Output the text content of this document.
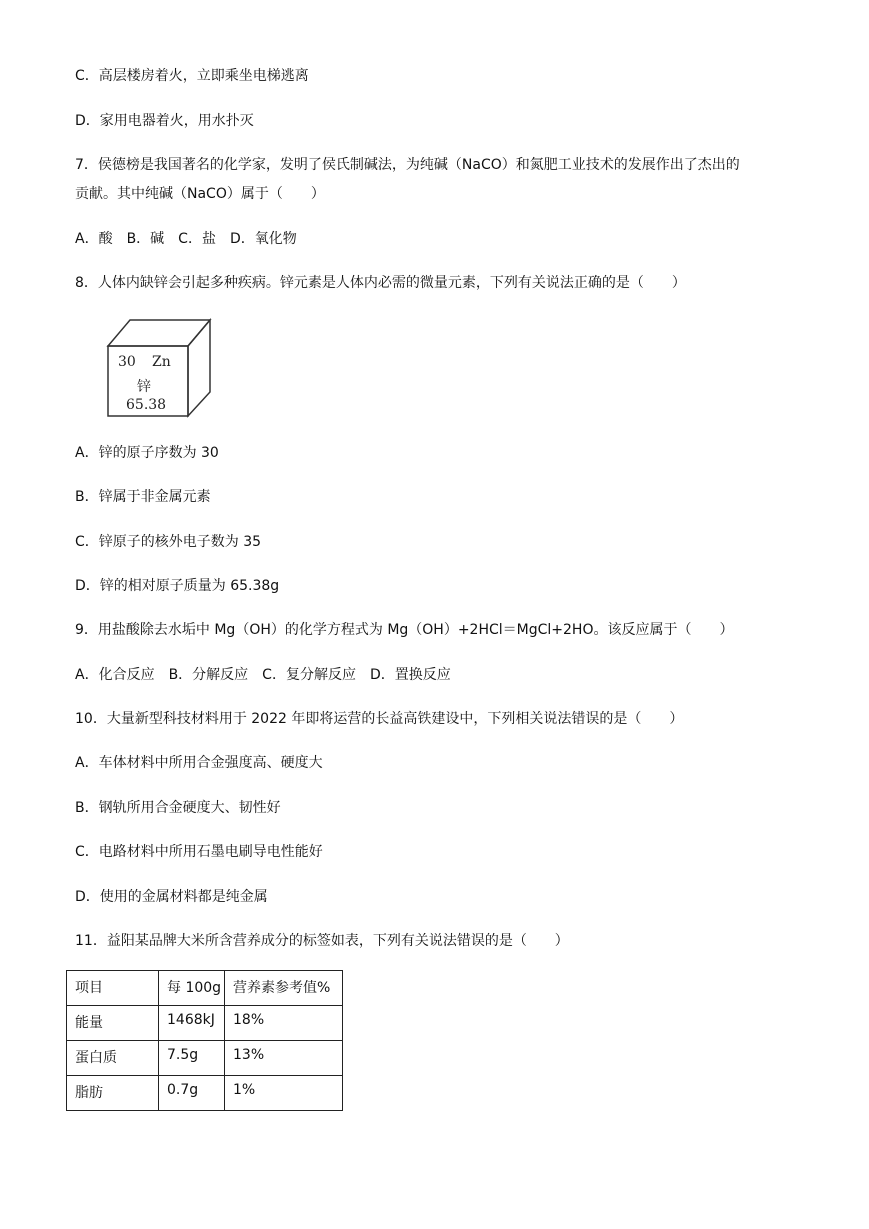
C．高层楼房着火，立即乘坐电梯逃离
D．家用电器着火，用水扑灭
7．侯德榜是我国著名的化学家，发明了侯氏制碱法，为纯碱（NaCO）和氮肥工业技术的发展作出了杰出的
贡献。其中纯碱（NaCO）属于（　　）
A．酸　B．碱　C．盐　D．氧化物
8．人体内缺锌会引起多种疾病。锌元素是人体内必需的微量元素，下列有关说法正确的是（　　）
30 Zn
锌
65.38
A．锌的原子序数为 30
B．锌属于非金属元素
C．锌原子的核外电子数为 35
D．锌的相对原子质量为 65.38g
9．用盐酸除去水垢中 Mg（OH）的化学方程式为 Mg（OH）+2HCl＝MgCl+2HO。该反应属于（　　）
A．化合反应　B．分解反应　C．复分解反应　D．置换反应
10．大量新型科技材料用于 2022 年即将运营的长益高铁建设中，下列相关说法错误的是（　　）
A．车体材料中所用合金强度高、硬度大
B．钢轨所用合金硬度大、韧性好
C．电路材料中所用石墨电刷导电性能好
D．使用的金属材料都是纯金属
11．益阳某品牌大米所含营养成分的标签如表，下列有关说法错误的是（　　）
项目	每 100g	营养素参考值%
能量	1468kJ	18%
蛋白质	7.5g	13%
脂肪	0.7g	1%
